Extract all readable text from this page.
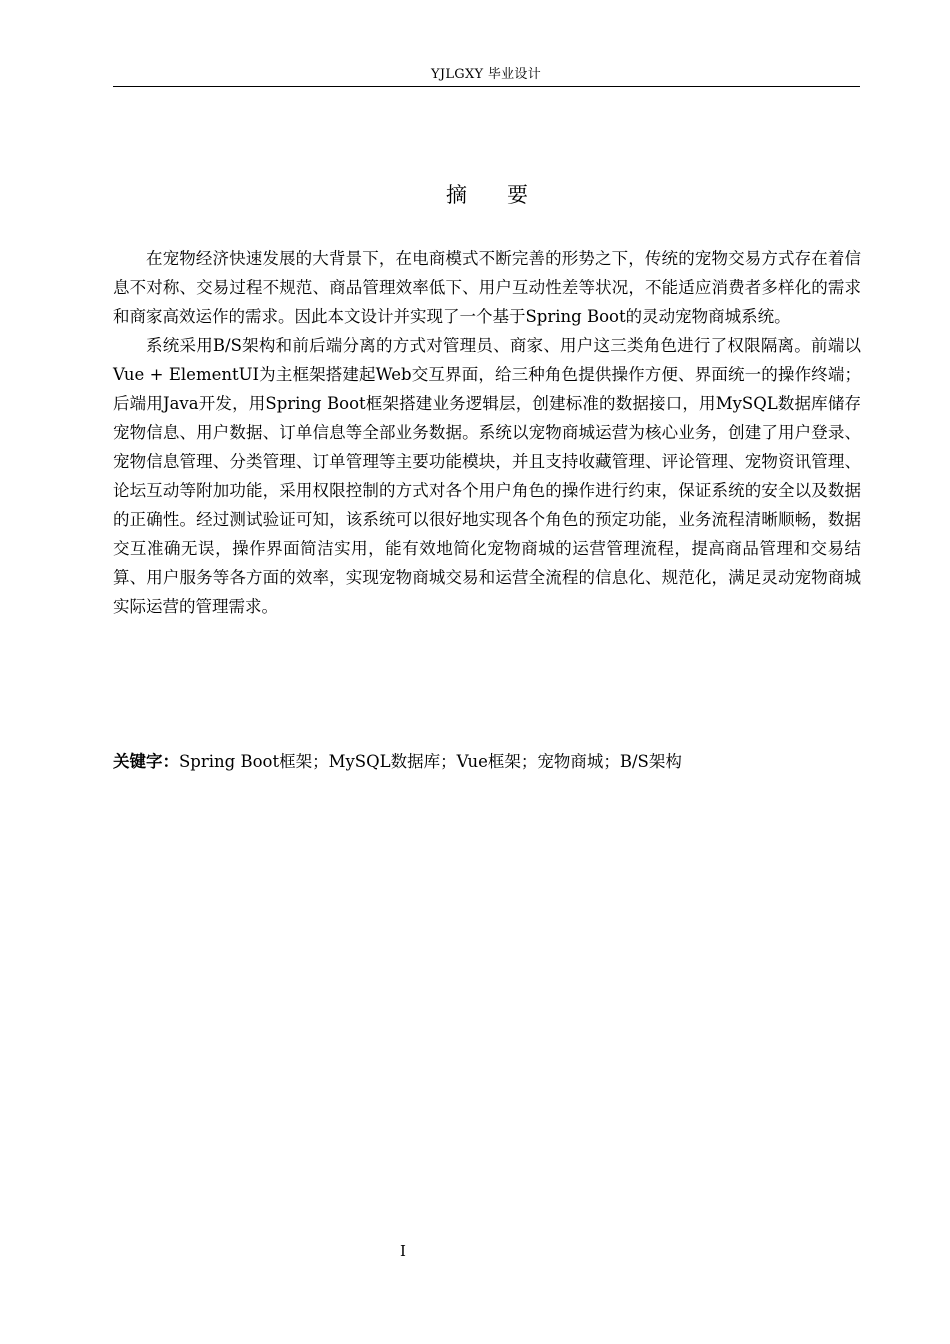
YJLGXY 毕业设计
摘 要

在宠物经济快速发展的大背景下，在电商模式不断完善的形势之下，传统的宠物交易方式存在着信息不对称、交易过程不规范、商品管理效率低下、用户互动性差等状况，不能适应消费者多样化的需求和商家高效运作的需求。因此本文设计并实现了一个基于Spring Boot的灵动宠物商城系统。

系统采用B/S架构和前后端分离的方式对管理员、商家、用户这三类角色进行了权限隔离。前端以Vue + ElementUI为主框架搭建起Web交互界面，给三种角色提供操作方便、界面统一的操作终端；后端用Java开发，用Spring Boot框架搭建业务逻辑层，创建标准的数据接口，用MySQL数据库储存宠物信息、用户数据、订单信息等全部业务数据。系统以宠物商城运营为核心业务，创建了用户登录、宠物信息管理、分类管理、订单管理等主要功能模块，并且支持收藏管理、评论管理、宠物资讯管理、论坛互动等附加功能，采用权限控制的方式对各个用户角色的操作进行约束，保证系统的安全以及数据的正确性。经过测试验证可知，该系统可以很好地实现各个角色的预定功能，业务流程清晰顺畅，数据交互准确无误，操作界面简洁实用，能有效地简化宠物商城的运营管理流程，提高商品管理和交易结算、用户服务等各方面的效率，实现宠物商城交易和运营全流程的信息化、规范化，满足灵动宠物商城实际运营的管理需求。

关键字：Spring Boot框架；MySQL数据库；Vue框架；宠物商城；B/S架构

I
